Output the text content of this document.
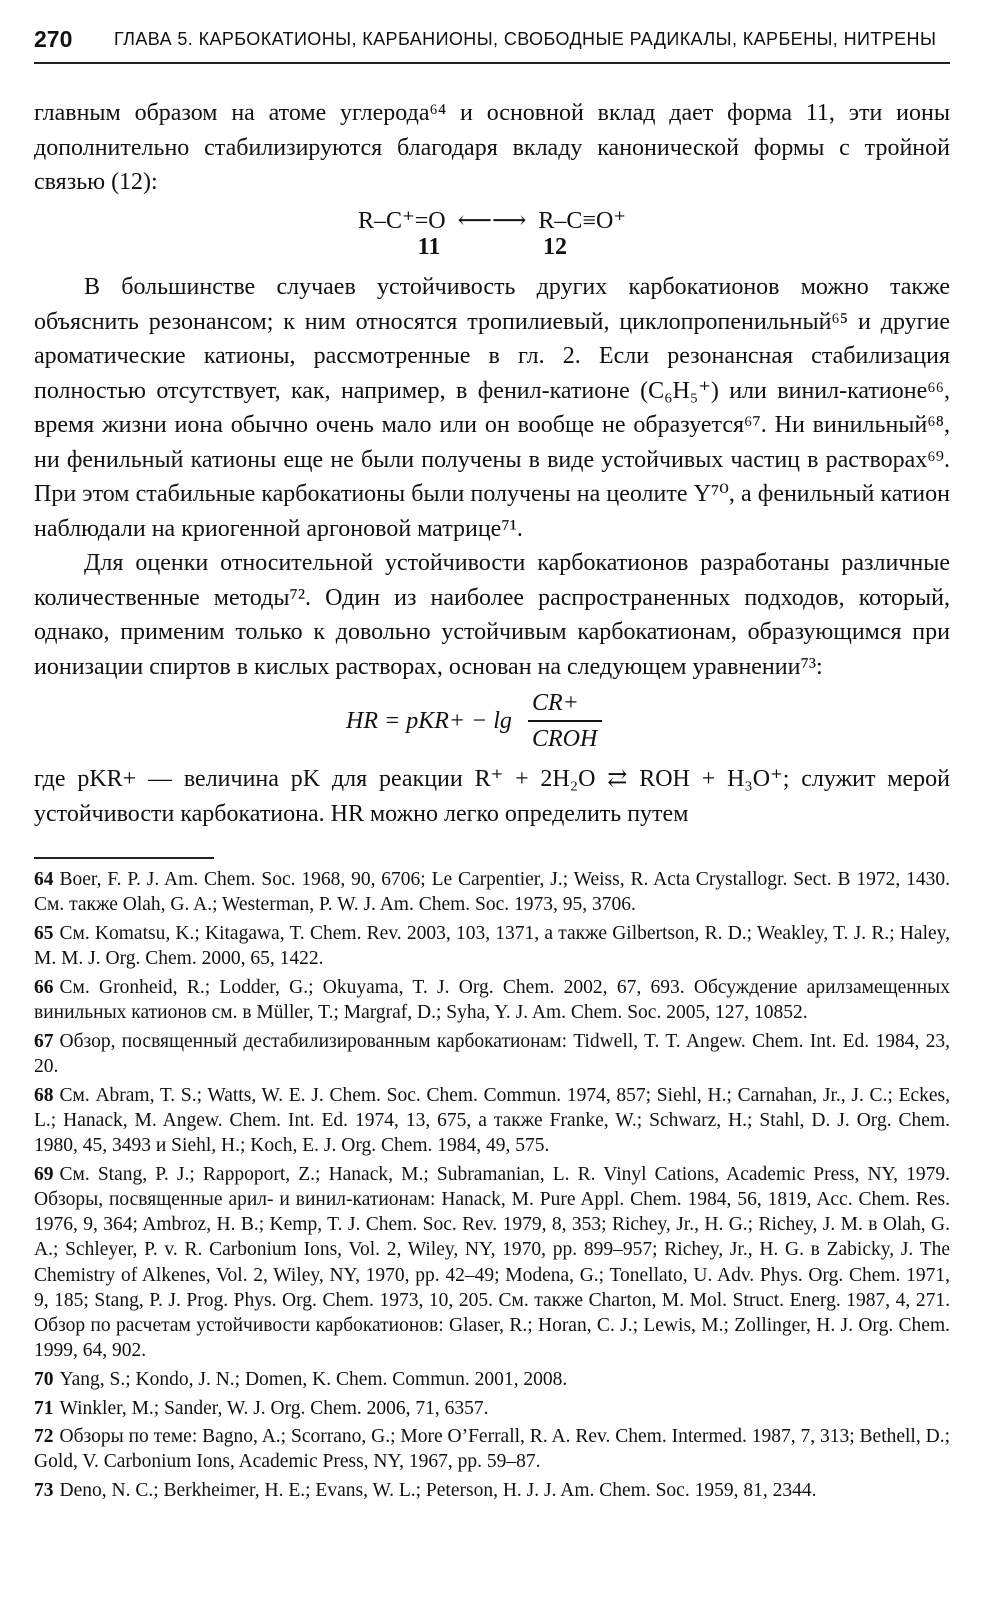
270 ГЛАВА 5. КАРБОКАТИОНЫ, КАРБАНИОНЫ, СВОБОДНЫЕ РАДИКАЛЫ, КАРБЕНЫ, НИТРЕНЫ

главным образом на атоме углерода⁶⁴ и основной вклад дает форма 11, эти ионы дополнительно стабилизируются благодаря вкладу канонической формы с тройной связью (12):

R–C⁺=O ⟵⟶ R–C≡O⁺
11	12

В большинстве случаев устойчивость других карбокатионов можно также объяснить резонансом; к ним относятся тропилиевый, циклопропенильный⁶⁵ и другие ароматические катионы, рассмотренные в гл. 2. Если резонансная стабилизация полностью отсутствует, как, например, в фенил-катионе (C₆H₅⁺) или винил-катионе⁶⁶, время жизни иона обычно очень мало или он вообще не образуется⁶⁷. Ни винильный⁶⁸, ни фенильный катионы еще не были получены в виде устойчивых частиц в растворах⁶⁹. При этом стабильные карбокатионы были получены на цеолите Y⁷⁰, а фенильный катион наблюдали на криогенной аргоновой матрице⁷¹.

Для оценки относительной устойчивости карбокатионов разработаны различные количественные методы⁷². Один из наиболее распространенных подходов, который, однако, применим только к довольно устойчивым карбокатионам, образующимся при ионизации спиртов в кислых растворах, основан на следующем уравнении⁷³:

HR = pKR+ − lg
CR+
CROH

где pKR+ — величина pK для реакции R⁺ + 2H₂O ⇄ ROH + H₃O⁺; служит мерой устойчивости карбокатиона. HR можно легко определить путем

64 Boer, F. P. J. Am. Chem. Soc. 1968, 90, 6706; Le Carpentier, J.; Weiss, R. Acta Crystallogr. Sect. B 1972, 1430. См. также Olah, G. A.; Westerman, P. W. J. Am. Chem. Soc. 1973, 95, 3706.
65 См. Komatsu, K.; Kitagawa, T. Chem. Rev. 2003, 103, 1371, а также Gilbertson, R. D.; Weakley, T. J. R.; Haley, M. M. J. Org. Chem. 2000, 65, 1422.
66 См. Gronheid, R.; Lodder, G.; Okuyama, T. J. Org. Chem. 2002, 67, 693. Обсуждение арилзамещенных винильных катионов см. в Müller, T.; Margraf, D.; Syha, Y. J. Am. Chem. Soc. 2005, 127, 10852.
67 Обзор, посвященный дестабилизированным карбокатионам: Tidwell, T. T. Angew. Chem. Int. Ed. 1984, 23, 20.
68 См. Abram, T. S.; Watts, W. E. J. Chem. Soc. Chem. Commun. 1974, 857; Siehl, H.; Carnahan, Jr., J. C.; Eckes, L.; Hanack, M. Angew. Chem. Int. Ed. 1974, 13, 675, а также Franke, W.; Schwarz, H.; Stahl, D. J. Org. Chem. 1980, 45, 3493 и Siehl, H.; Koch, E. J. Org. Chem. 1984, 49, 575.
69 См. Stang, P. J.; Rappoport, Z.; Hanack, M.; Subramanian, L. R. Vinyl Cations, Academic Press, NY, 1979. Обзоры, посвященные арил- и винил-катионам: Hanack, M. Pure Appl. Chem. 1984, 56, 1819, Acc. Chem. Res. 1976, 9, 364; Ambroz, H. B.; Kemp, T. J. Chem. Soc. Rev. 1979, 8, 353; Richey, Jr., H. G.; Richey, J. M. в Olah, G. A.; Schleyer, P. v. R. Carbonium Ions, Vol. 2, Wiley, NY, 1970, pp. 899–957; Richey, Jr., H. G. в Zabicky, J. The Chemistry of Alkenes, Vol. 2, Wiley, NY, 1970, pp. 42–49; Modena, G.; Tonellato, U. Adv. Phys. Org. Chem. 1971, 9, 185; Stang, P. J. Prog. Phys. Org. Chem. 1973, 10, 205. См. также Charton, M. Mol. Struct. Energ. 1987, 4, 271. Обзор по расчетам устойчивости карбокатионов: Glaser, R.; Horan, C. J.; Lewis, M.; Zollinger, H. J. Org. Chem. 1999, 64, 902.
70 Yang, S.; Kondo, J. N.; Domen, K. Chem. Commun. 2001, 2008.
71 Winkler, M.; Sander, W. J. Org. Chem. 2006, 71, 6357.
72 Обзоры по теме: Bagno, A.; Scorrano, G.; More O’Ferrall, R. A. Rev. Chem. Intermed. 1987, 7, 313; Bethell, D.; Gold, V. Carbonium Ions, Academic Press, NY, 1967, pp. 59–87.
73 Deno, N. C.; Berkheimer, H. E.; Evans, W. L.; Peterson, H. J. J. Am. Chem. Soc. 1959, 81, 2344.
